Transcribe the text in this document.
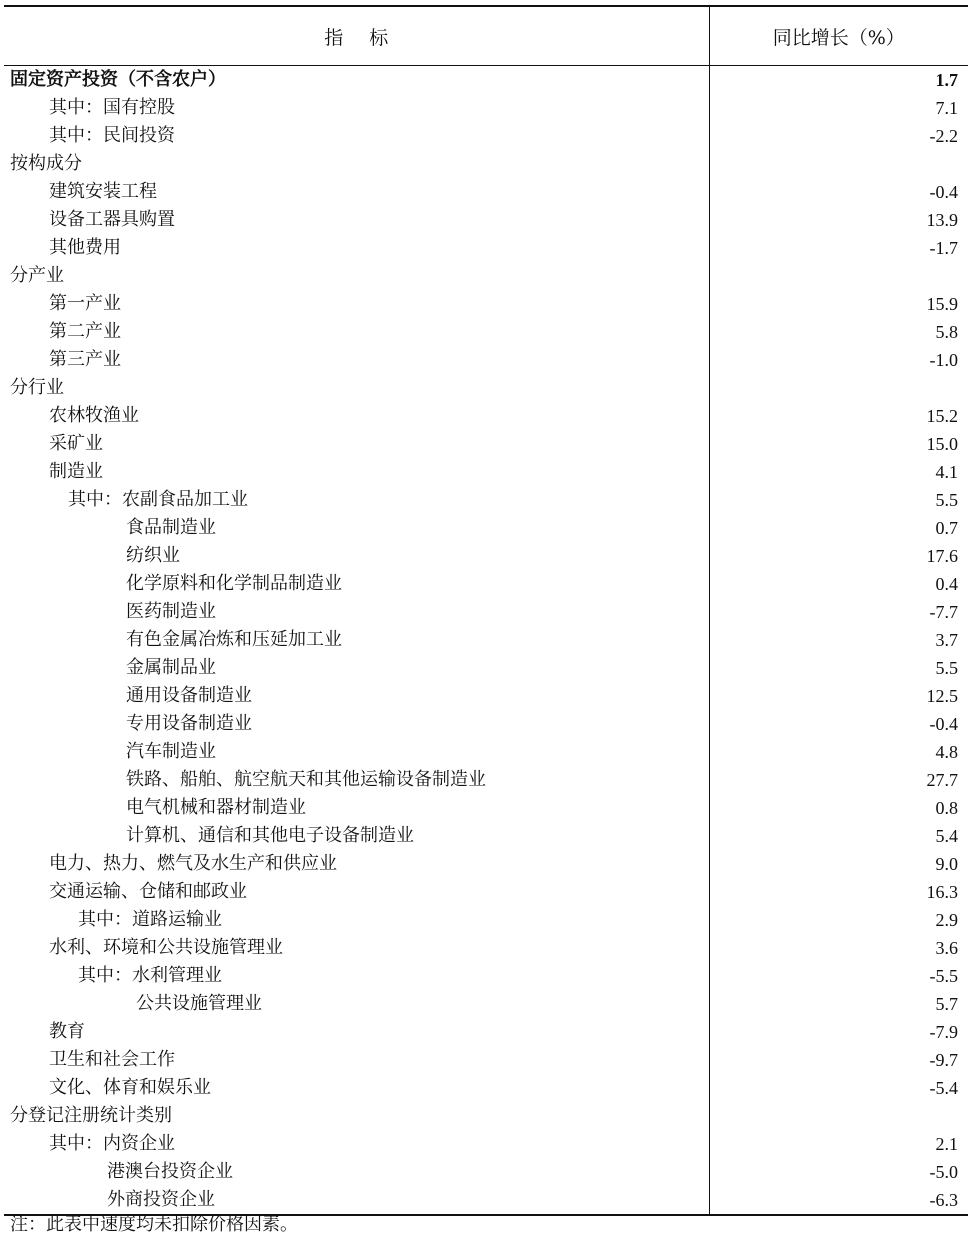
指 标	同比增长（%）
固定资产投资（不含农户）	1.7
其中：国有控股	7.1
其中：民间投资	-2.2
按构成分	
建筑安装工程	-0.4
设备工器具购置	13.9
其他费用	-1.7
分产业	
第一产业	15.9
第二产业	5.8
第三产业	-1.0
分行业	
农林牧渔业	15.2
采矿业	15.0
制造业	4.1
其中：农副食品加工业	5.5
食品制造业	0.7
纺织业	17.6
化学原料和化学制品制造业	0.4
医药制造业	-7.7
有色金属冶炼和压延加工业	3.7
金属制品业	5.5
通用设备制造业	12.5
专用设备制造业	-0.4
汽车制造业	4.8
铁路、船舶、航空航天和其他运输设备制造业	27.7
电气机械和器材制造业	0.8
计算机、通信和其他电子设备制造业	5.4
电力、热力、燃气及水生产和供应业	9.0
交通运输、仓储和邮政业	16.3
其中：道路运输业	2.9
水利、环境和公共设施管理业	3.6
其中：水利管理业	-5.5
公共设施管理业	5.7
教育	-7.9
卫生和社会工作	-9.7
文化、体育和娱乐业	-5.4
分登记注册统计类别	
其中：内资企业	2.1
港澳台投资企业	-5.0
外商投资企业	-6.3
注：此表中速度均未扣除价格因素。
